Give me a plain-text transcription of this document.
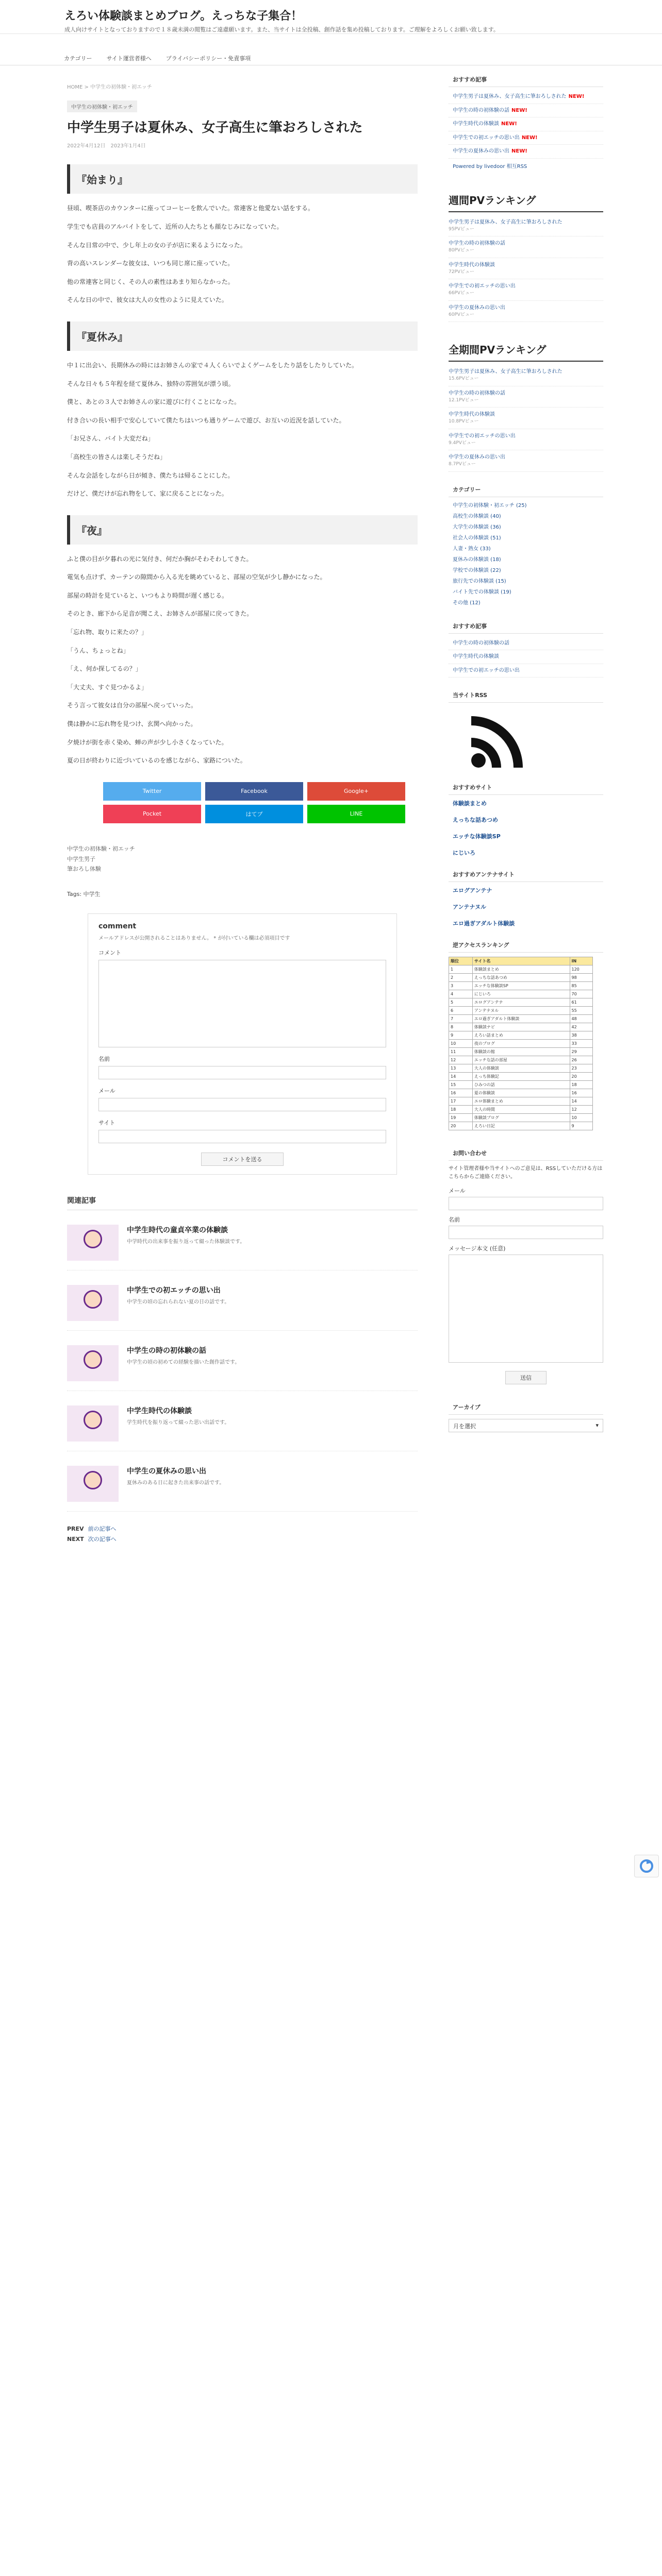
えろい体験談まとめブログ。えっちな子集合！
成人向けサイトとなっておりますので１８歳未満の閲覧はご遠慮願います。また、当サイトは全投稿、創作話を集め投稿しております。ご理解をよろしくお願い致します。
カテゴリー	サイト運営者様へ	プライバシーポリシー・免責事項
HOME > 中学生の初体験・初エッチ
中学生の初体験・初エッチ
中学生男子は夏休み、女子高生に筆おろしされた
2022年4月12日　2023年1月4日
『始まり』

昼頃、喫茶店のカウンターに座ってコーヒーを飲んでいた。常連客と他愛ない話をする。

学生でも店員のアルバイトをして、近所の人たちとも顔なじみになっていた。

そんな日常の中で、少し年上の女の子が店に来るようになった。

背の高いスレンダーな彼女は、いつも同じ席に座っていた。

他の常連客と同じく、その人の素性はあまり知らなかった。

そんな日の中で、彼女は大人の女性のように見えていた。

『夏休み』

中１に出会い、長期休みの時にはお姉さんの家で４人くらいでよくゲームをしたり話をしたりしていた。

そんな日々も５年程を経て夏休み、独特の雰囲気が漂う頃。

僕と、あとの３人でお姉さんの家に遊びに行くことになった。

付き合いの長い相手で安心していて僕たちはいつも通りゲームで遊び、お互いの近況を話していた。

「お兄さん、バイト大変だね」

「高校生の皆さんは楽しそうだね」

そんな会話をしながら日が傾き、僕たちは帰ることにした。

だけど、僕だけが忘れ物をして、家に戻ることになった。

『夜』

ふと僕の目が夕暮れの光に気付き、何だか胸がそわそわしてきた。

電気も点けず、カーテンの隙間から入る光を眺めていると、部屋の空気が少し静かになった。

部屋の時計を見ていると、いつもより時間が遅く感じる。

そのとき、廊下から足音が聞こえ、お姉さんが部屋に戻ってきた。

「忘れ物、取りに来たの？」

「うん、ちょっとね」

「え、何か探してるの？」

「大丈夫、すぐ見つかるよ」

そう言って彼女は自分の部屋へ戻っていった。

僕は静かに忘れ物を見つけ、玄関へ向かった。

夕焼けが街を赤く染め、蝉の声が少し小さくなっていた。

夏の日が終わりに近づいているのを感じながら、家路についた。

Twitter	Facebook	Google+
Pocket	はてブ	LINE
中学生の初体験・初エッチ
中学生男子
筆おろし体験
Tags: 中学生
comment
メールアドレスが公開されることはありません。 * が付いている欄は必須項目です
コメント
名前
メール
サイト
コメントを送る
関連記事
中学生時代の童貞卒業の体験談
中学時代の出来事を振り返って綴った体験談です。
中学生での初エッチの思い出
中学生の頃の忘れられない夏の日の話です。
中学生の時の初体験の話
中学生の頃の初めての経験を描いた創作話です。
中学生時代の体験談
学生時代を振り返って綴った思い出話です。
中学生の夏休みの思い出
夏休みのある日に起きた出来事の話です。
PREV 前の記事へ
NEXT 次の記事へ
おすすめ記事
中学生男子は夏休み、女子高生に筆おろしされた NEW!
中学生の時の初体験の話 NEW!
中学生時代の体験談 NEW!
中学生での初エッチの思い出 NEW!
中学生の夏休みの思い出 NEW!
Powered by livedoor 相互RSS
週間PVランキング
中学生男子は夏休み、女子高生に筆おろしされた
95PVビュー
中学生の時の初体験の話
80PVビュー
中学生時代の体験談
72PVビュー
中学生での初エッチの思い出
66PVビュー
中学生の夏休みの思い出
60PVビュー
全期間PVランキング
中学生男子は夏休み、女子高生に筆おろしされた
15.6PVビュー
中学生の時の初体験の話
12.1PVビュー
中学生時代の体験談
10.8PVビュー
中学生での初エッチの思い出
9.4PVビュー
中学生の夏休みの思い出
8.7PVビュー
カテゴリー
中学生の初体験・初エッチ (25)
高校生の体験談 (40)
大学生の体験談 (36)
社会人の体験談 (51)
人妻・熟女 (33)
夏休みの体験談 (18)
学校での体験談 (22)
旅行先での体験談 (15)
バイト先での体験談 (19)
その他 (12)
おすすめ記事
中学生の時の初体験の話
中学生時代の体験談
中学生での初エッチの思い出
当サイトRSS
おすすめサイト
体験談まとめ
えっちな話あつめ
エッチな体験談SP
にじいろ
おすすめアンテナサイト
エログアンテナ
アンテナヌル
エロ過ぎアダルト体験談
逆アクセスランキング
順位	サイト名	IN
1	体験談まとめ	120
2	えっちな話あつめ	98
3	エッチな体験談SP	85
4	にじいろ	70
5	エログアンテナ	61
6	アンテナヌル	55
7	エロ過ぎアダルト体験談	48
8	体験談ナビ	42
9	えろい話まとめ	38
10	夜のブログ	33
11	体験談の館	29
12	エッチな話の部屋	26
13	大人の体験談	23
14	えっち体験記	20
15	ひみつの話	18
16	夏の体験談	16
17	エロ体験まとめ	14
18	大人の時間	12
19	体験談ブログ	10
20	えろい日記	9
お問い合わせ
サイト管理者様や当サイトへのご意見は、RSSしていただける方はこちらからご連絡ください。
メール
名前
メッセージ本文 (任意)
送信
アーカイブ
月を選択	▾
